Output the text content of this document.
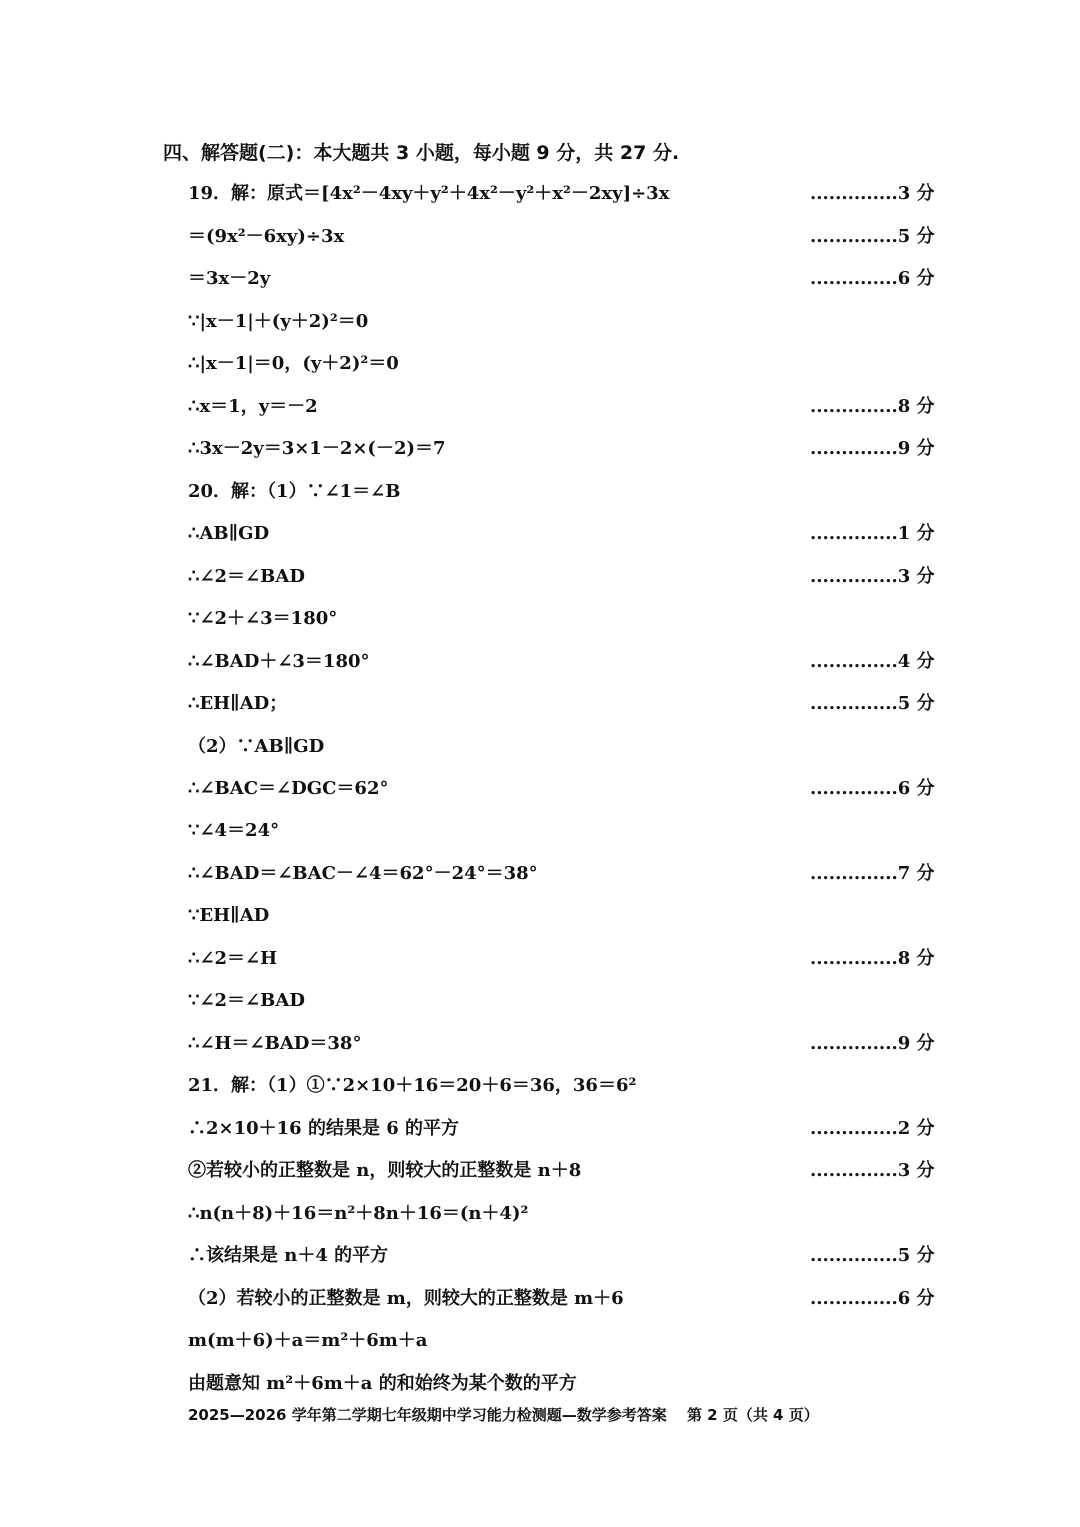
四、解答题(二)：本大题共 3 小题，每小题 9 分，共 27 分.
19．解：原式＝[4x²－4xy＋y²＋4x²－y²＋x²－2xy]÷3x	..............3 分
＝(9x²－6xy)÷3x	..............5 分
＝3x－2y	..............6 分
∵|x－1|＋(y＋2)²＝0
∴|x－1|＝0，(y＋2)²＝0
∴x＝1，y＝－2	..............8 分
∴3x－2y＝3×1－2×(－2)＝7	..............9 分
20．解：（1）∵∠1＝∠B
∴AB∥GD	..............1 分
∴∠2＝∠BAD	..............3 分
∵∠2＋∠3＝180°
∴∠BAD＋∠3＝180°	..............4 分
∴EH∥AD；	..............5 分
（2）∵AB∥GD
∴∠BAC＝∠DGC＝62°	..............6 分
∵∠4＝24°
∴∠BAD＝∠BAC－∠4＝62°－24°＝38°	..............7 分
∵EH∥AD
∴∠2＝∠H	..............8 分
∵∠2＝∠BAD
∴∠H＝∠BAD＝38°	..............9 分
21．解：（1）①∵2×10＋16＝20＋6＝36，36＝6²
∴2×10＋16 的结果是 6 的平方	..............2 分
②若较小的正整数是 n，则较大的正整数是 n＋8	..............3 分
∴n(n＋8)＋16＝n²＋8n＋16＝(n＋4)²
∴该结果是 n＋4 的平方	..............5 分
（2）若较小的正整数是 m，则较大的正整数是 m＋6	..............6 分
m(m＋6)＋a＝m²＋6m＋a
由题意知 m²＋6m＋a 的和始终为某个数的平方
2025—2026 学年第二学期七年级期中学习能力检测题—数学参考答案　 第 2 页（共 4 页）
